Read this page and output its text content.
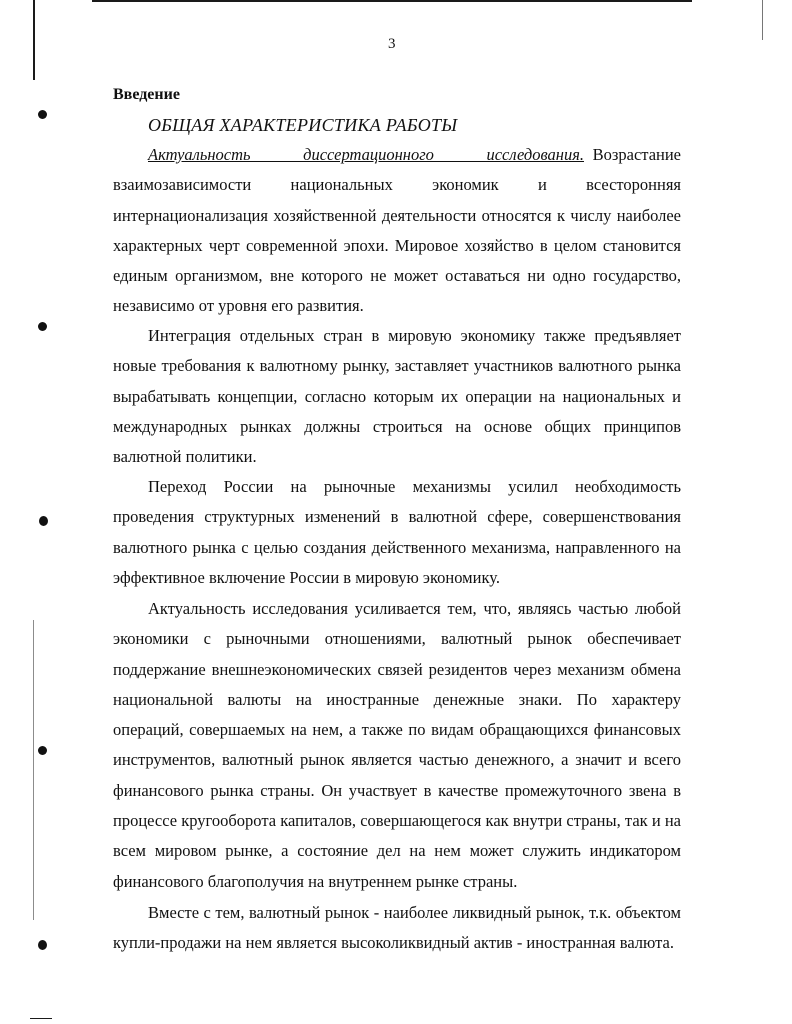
3
Введение
ОБЩАЯ ХАРАКТЕРИСТИКА РАБОТЫ
Актуальность диссертационного исследования. Возрастание
взаимозависимости национальных экономик и всесторонняя
интернационализация хозяйственной деятельности относятся к числу наиболее
характерных черт современной эпохи. Мировое хозяйство в целом становится
единым организмом, вне которого не может оставаться ни одно государство,
независимо от уровня его развития.

Интеграция отдельных стран в мировую экономику также предъявляет новые требования к валютному рынку, заставляет участников валютного рынка вырабатывать концепции, согласно которым их операции на национальных и международных рынках должны строиться на основе общих принципов валютной политики.

Переход России на рыночные механизмы усилил необходимость проведения структурных изменений в валютной сфере, совершенствования валютного рынка с целью создания действенного механизма, направленного на эффективное включение России в мировую экономику.

Актуальность исследования усиливается тем, что, являясь частью любой экономики с рыночными отношениями, валютный рынок обеспечивает поддержание внешнеэкономических связей резидентов через механизм обмена национальной валюты на иностранные денежные знаки. По характеру операций, совершаемых на нем, а также по видам обращающихся финансовых инструментов, валютный рынок является частью денежного, а значит и всего финансового рынка страны. Он участвует в качестве промежуточного звена в процессе кругооборота капиталов, совершающегося как внутри страны, так и на всем мировом рынке, а состояние дел на нем может служить индикатором финансового благополучия на внутреннем рынке страны.

Вместе с тем, валютный рынок - наиболее ликвидный рынок, т.к. объектом купли-продажи на нем является высоколиквидный актив - иностранная валюта.
